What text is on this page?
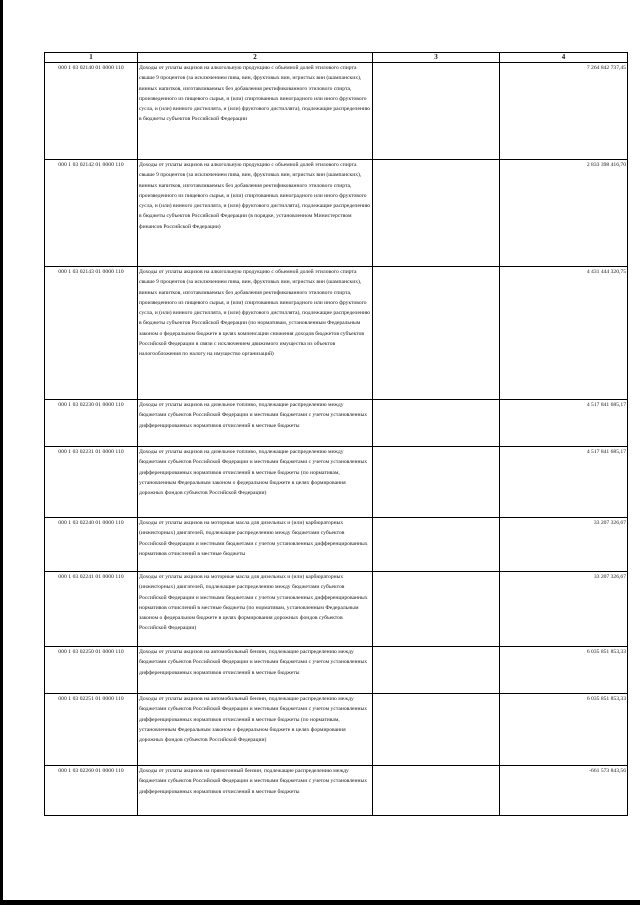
1	2	3	4
000 1 03 02140 01 0000 110	Доходы от уплаты акцизов на алкогольную продукцию с объемной долей этилового спирта свыше 9 процентов (за исключением пива, вин, фруктовых вин, игристых вин (шампанских), винных напитков, изготавливаемых без добавления ректификованного этилового спирта, произведенного из пищевого сырья, и (или) спиртованных виноградного или иного фруктового сусла, и (или) винного дистиллята, и (или) фруктового дистиллята), подлежащие распределению в бюджеты субъектов Российской Федерации		7 264 842 737,45
000 1 03 02142 01 0000 110	Доходы от уплаты акцизов на алкогольную продукцию с объемной долей этилового спирта свыше 9 процентов (за исключением пива, вин, фруктовых вин, игристых вин (шампанских), винных напитков, изготавливаемых без добавления ректификованного этилового спирта, произведенного из пищевого сырья, и (или) спиртованных виноградного или иного фруктового сусла, и (или) винного дистиллята, и (или) фруктового дистиллята), подлежащие распределению в бюджеты субъектов Российской Федерации (в порядке, установленном Министерством финансов Российской Федерации)		2 833 398 416,70
000 1 03 02143 01 0000 110	Доходы от уплаты акцизов на алкогольную продукцию с объемной долей этилового спирта свыше 9 процентов (за исключением пива, вин, фруктовых вин, игристых вин (шампанских), винных напитков, изготавливаемых без добавления ректификованного этилового спирта, произведенного из пищевого сырья, и (или) спиртованных виноградного или иного фруктового сусла, и (или) винного дистиллята, и (или) фруктового дистиллята), подлежащие распределению в бюджеты субъектов Российской Федерации (по нормативам, установленным Федеральным законом о федеральном бюджете в целях компенсации снижения доходов бюджетов субъектов Российской Федерации в связи с исключением движимого имущества из объектов налогообложения по налогу на имущество организаций)		4 431 444 320,75
000 1 03 02230 01 0000 110	Доходы от уплаты акцизов на дизельное топливо, подлежащие распределению между бюджетами субъектов Российской Федерации и местными бюджетами с учетом установленных дифференцированных нормативов отчислений в местные бюджеты		4 517 841 685,17
000 1 03 02231 01 0000 110	Доходы от уплаты акцизов на дизельное топливо, подлежащие распределению между бюджетами субъектов Российской Федерации и местными бюджетами с учетом установленных дифференцированных нормативов отчислений в местные бюджеты (по нормативам, установленным Федеральным законом о федеральном бюджете в целях формирования дорожных фондов субъектов Российской Федерации)		4 517 841 685,17
000 1 03 02240 01 0000 110	Доходы от уплаты акцизов на моторные масла для дизельных и (или) карбюраторных (инжекторных) двигателей, подлежащие распределению между бюджетами субъектов Российской Федерации и местными бюджетами с учетом установленных дифференцированных нормативов отчислений в местные бюджеты		33 207 326,67
000 1 03 02241 01 0000 110	Доходы от уплаты акцизов на моторные масла для дизельных и (или) карбюраторных (инжекторных) двигателей, подлежащие распределению между бюджетами субъектов Российской Федерации и местными бюджетами с учетом установленных дифференцированных нормативов отчислений в местные бюджеты (по нормативам, установленным Федеральным законом о федеральном бюджете в целях формирования дорожных фондов субъектов Российской Федерации)		33 207 326,67
000 1 03 02250 01 0000 110	Доходы от уплаты акцизов на автомобильный бензин, подлежащие распределению между бюджетами субъектов Российской Федерации и местными бюджетами с учетом установленных дифференцированных нормативов отчислений в местные бюджеты		6 035 851 853,33
000 1 03 02251 01 0000 110	Доходы от уплаты акцизов на автомобильный бензин, подлежащие распределению между бюджетами субъектов Российской Федерации и местными бюджетами с учетом установленных дифференцированных нормативов отчислений в местные бюджеты (по нормативам, установленным Федеральным законом о федеральном бюджете в целях формирования дорожных фондов субъектов Российской Федерации)		6 035 851 853,33
000 1 03 02260 01 0000 110	Доходы от уплаты акцизов на прямогонный бензин, подлежащие распределению между бюджетами субъектов Российской Федерации и местными бюджетами с учетом установленных дифференцированных нормативов отчислений в местные бюджеты		-661 573 843,56
